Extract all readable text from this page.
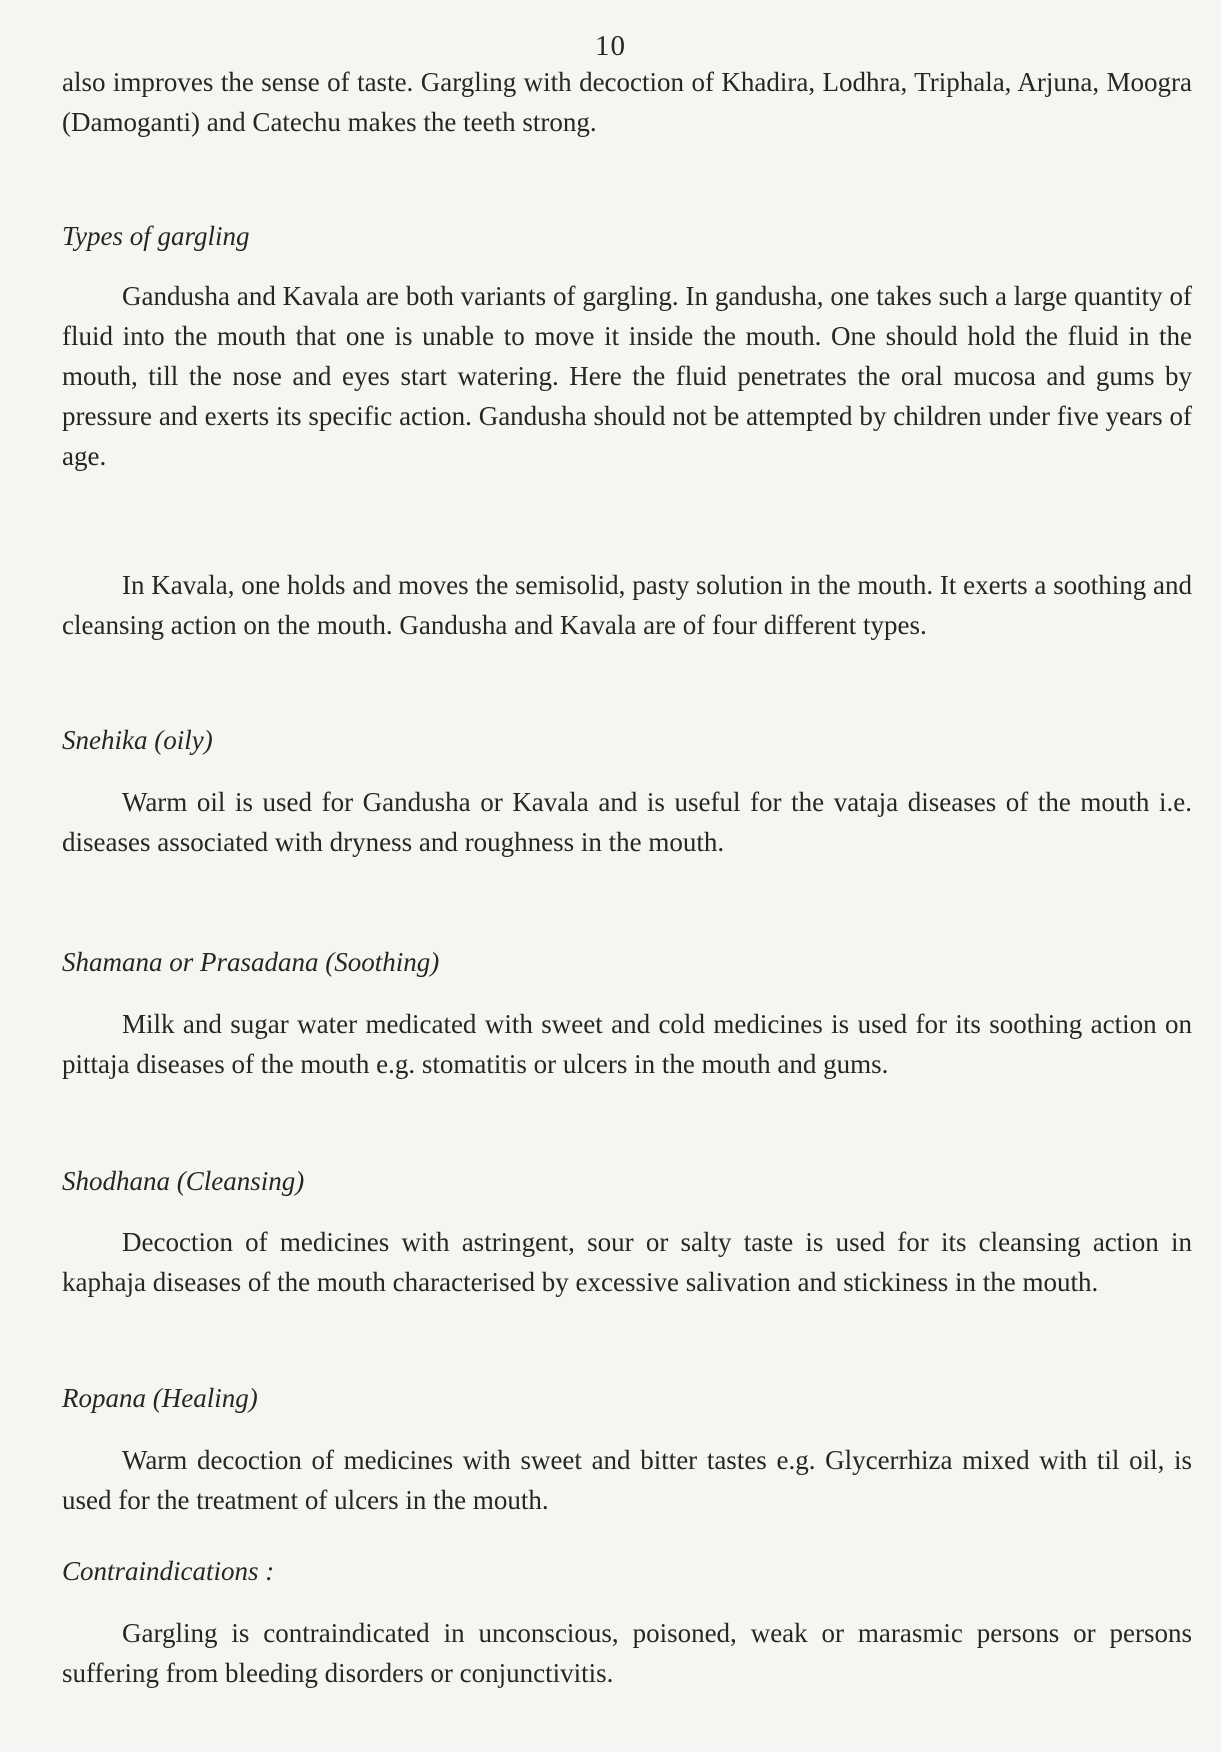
10

also improves the sense of taste. Gargling with decoction of Khadira, Lodhra, Triphala, Arjuna, Moogra (Damoganti) and Catechu makes the teeth strong.

Types of gargling

Gandusha and Kavala are both variants of gargling. In gandusha, one takes such a large quantity of fluid into the mouth that one is unable to move it inside the mouth. One should hold the fluid in the mouth, till the nose and eyes start watering. Here the fluid penetrates the oral mucosa and gums by pressure and exerts its specific action. Gandusha should not be attempted by children under five years of age.

In Kavala, one holds and moves the semisolid, pasty solution in the mouth. It exerts a soothing and cleansing action on the mouth. Gandusha and Kavala are of four different types.

Snehika (oily)

Warm oil is used for Gandusha or Kavala and is useful for the vataja diseases of the mouth i.e. diseases associated with dryness and roughness in the mouth.

Shamana or Prasadana (Soothing)

Milk and sugar water medicated with sweet and cold medicines is used for its soothing action on pittaja diseases of the mouth e.g. stomatitis or ulcers in the mouth and gums.

Shodhana (Cleansing)

Decoction of medicines with astringent, sour or salty taste is used for its cleansing action in kaphaja diseases of the mouth characterised by excessive salivation and stickiness in the mouth.

Ropana (Healing)

Warm decoction of medicines with sweet and bitter tastes e.g. Glycerrhiza mixed with til oil, is used for the treatment of ulcers in the mouth.

Contraindications :

Gargling is contraindicated in unconscious, poisoned, weak or marasmic persons or persons suffering from bleeding disorders or conjunctivitis.
